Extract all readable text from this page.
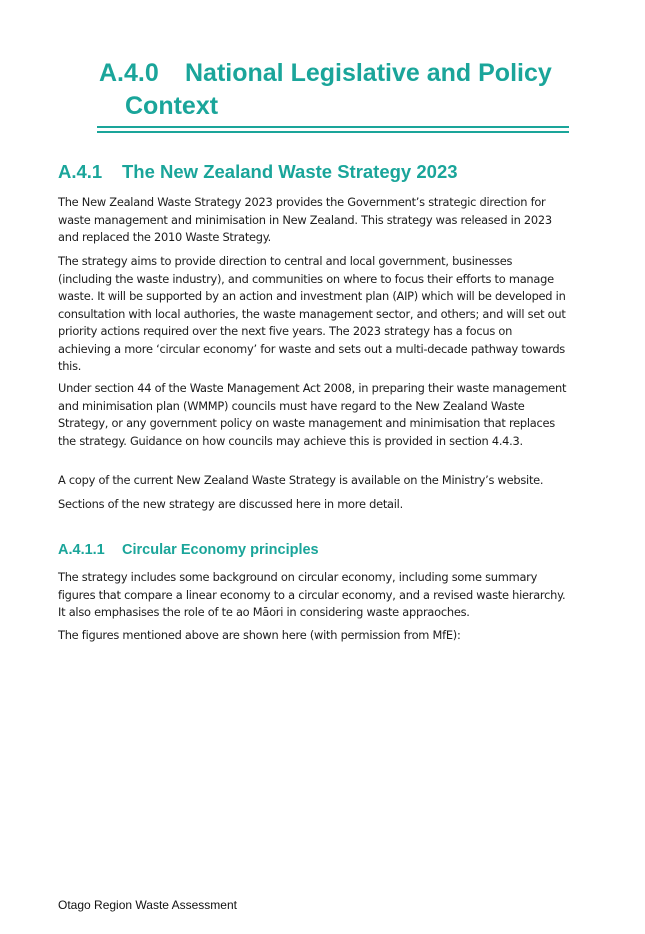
A.4.0 National Legislative and Policy
Context
A.4.1 The New Zealand Waste Strategy 2023

The New Zealand Waste Strategy 2023 provides the Government’s strategic direction for waste management and minimisation in New Zealand. This strategy was released in 2023 and replaced the 2010 Waste Strategy.

The strategy aims to provide direction to central and local government, businesses (including the waste industry), and communities on where to focus their efforts to manage waste. It will be supported by an action and investment plan (AIP) which will be developed in consultation with local authories, the waste management sector, and others; and will set out priority actions required over the next five years. The 2023 strategy has a focus on achieving a more ‘circular economy’ for waste and sets out a multi-decade pathway towards this.

Under section 44 of the Waste Management Act 2008, in preparing their waste management and minimisation plan (WMMP) councils must have regard to the New Zealand Waste Strategy, or any government policy on waste management and minimisation that replaces the strategy. Guidance on how councils may achieve this is provided in section 4.4.3.

A copy of the current New Zealand Waste Strategy is available on the Ministry’s website.

Sections of the new strategy are discussed here in more detail.

A.4.1.1 Circular Economy principles

The strategy includes some background on circular economy, including some summary figures that compare a linear economy to a circular economy, and a revised waste hierarchy. It also emphasises the role of te ao Māori in considering waste appraoches.

The figures mentioned above are shown here (with permission from MfE):

Otago Region Waste Assessment
